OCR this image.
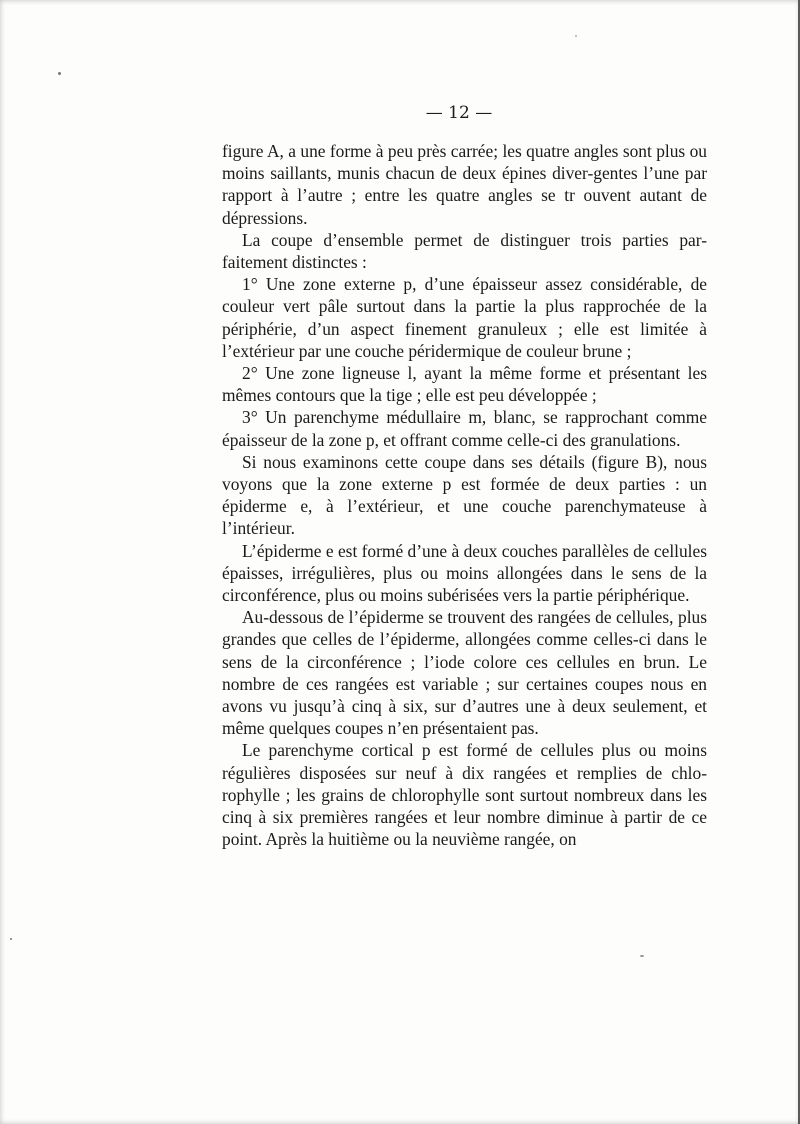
— 12 —

figure A, a une forme à peu près carrée; les quatre angles sont plus ou moins saillants, munis chacun de deux épines diver-gentes l’une par rapport à l’autre ; entre les quatre angles se tr ouvent autant de dépressions.

La coupe d’ensemble permet de distinguer trois parties par-faitement distinctes :

1° Une zone externe p, d’une épaisseur assez considérable, de couleur vert pâle surtout dans la partie la plus rapprochée de la périphérie, d’un aspect finement granuleux ; elle est limitée à l’extérieur par une couche péridermique de couleur brune ;

2° Une zone ligneuse l, ayant la même forme et présentant les mêmes contours que la tige ; elle est peu développée ;

3° Un parenchyme médullaire m, blanc, se rapprochant comme épaisseur de la zone p, et offrant comme celle-ci des granulations.

Si nous examinons cette coupe dans ses détails (figure B), nous voyons que la zone externe p est formée de deux parties : un épiderme e, à l’extérieur, et une couche parenchymateuse à l’intérieur.

L’épiderme e est formé d’une à deux couches parallèles de cellules épaisses, irrégulières, plus ou moins allongées dans le sens de la circonférence, plus ou moins subérisées vers la partie périphérique.

Au-dessous de l’épiderme se trouvent des rangées de cellules, plus grandes que celles de l’épiderme, allongées comme celles-ci dans le sens de la circonférence ; l’iode colore ces cellules en brun. Le nombre de ces rangées est variable ; sur certaines coupes nous en avons vu jusqu’à cinq à six, sur d’autres une à deux seulement, et même quelques coupes n’en présentaient pas.

Le parenchyme cortical p est formé de cellules plus ou moins régulières disposées sur neuf à dix rangées et remplies de chlo-rophylle ; les grains de chlorophylle sont surtout nombreux dans les cinq à six premières rangées et leur nombre diminue à partir de ce point. Après la huitième ou la neuvième rangée, on
